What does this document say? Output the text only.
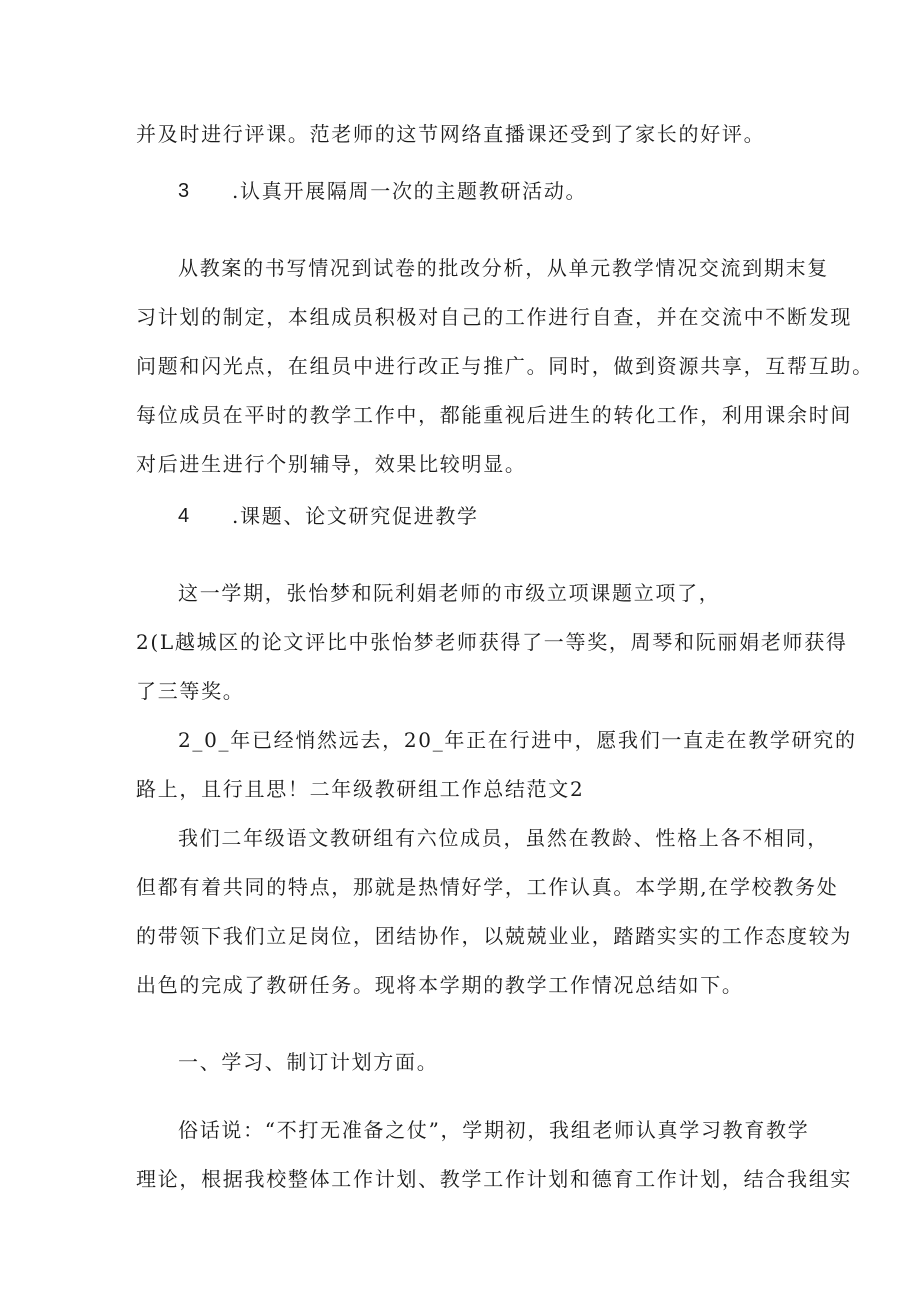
并及时进行评课。范老师的这节网络直播课还受到了家长的好评。

3 .认真开展隔周一次的主题教研活动。

从教案的书写情况到试卷的批改分析，从单元教学情况交流到期末复

习计划的制定，本组成员积极对自己的工作进行自查，并在交流中不断发现

问题和闪光点，在组员中进行改正与推广。同时，做到资源共享，互帮互助。

每位成员在平时的教学工作中，都能重视后进生的转化工作，利用课余时间

对后进生进行个别辅导，效果比较明显。

4 .课题、论文研究促进教学

这一学期，张怡梦和阮利娟老师的市级立项课题立项了，

2(L越城区的论文评比中张怡梦老师获得了一等奖，周琴和阮丽娟老师获得

了三等奖。

2_0_年已经悄然远去，20_年正在行进中，愿我们一直走在教学研究的

路上，且行且思！二年级教研组工作总结范文2

我们二年级语文教研组有六位成员，虽然在教龄、性格上各不相同，

但都有着共同的特点，那就是热情好学，工作认真。本学期,在学校教务处

的带领下我们立足岗位，团结协作，以兢兢业业，踏踏实实的工作态度较为

出色的完成了教研任务。现将本学期的教学工作情况总结如下。

一、学习、制订计划方面。

俗话说：“不打无准备之仗”，学期初，我组老师认真学习教育教学

理论，根据我校整体工作计划、教学工作计划和德育工作计划，结合我组实
